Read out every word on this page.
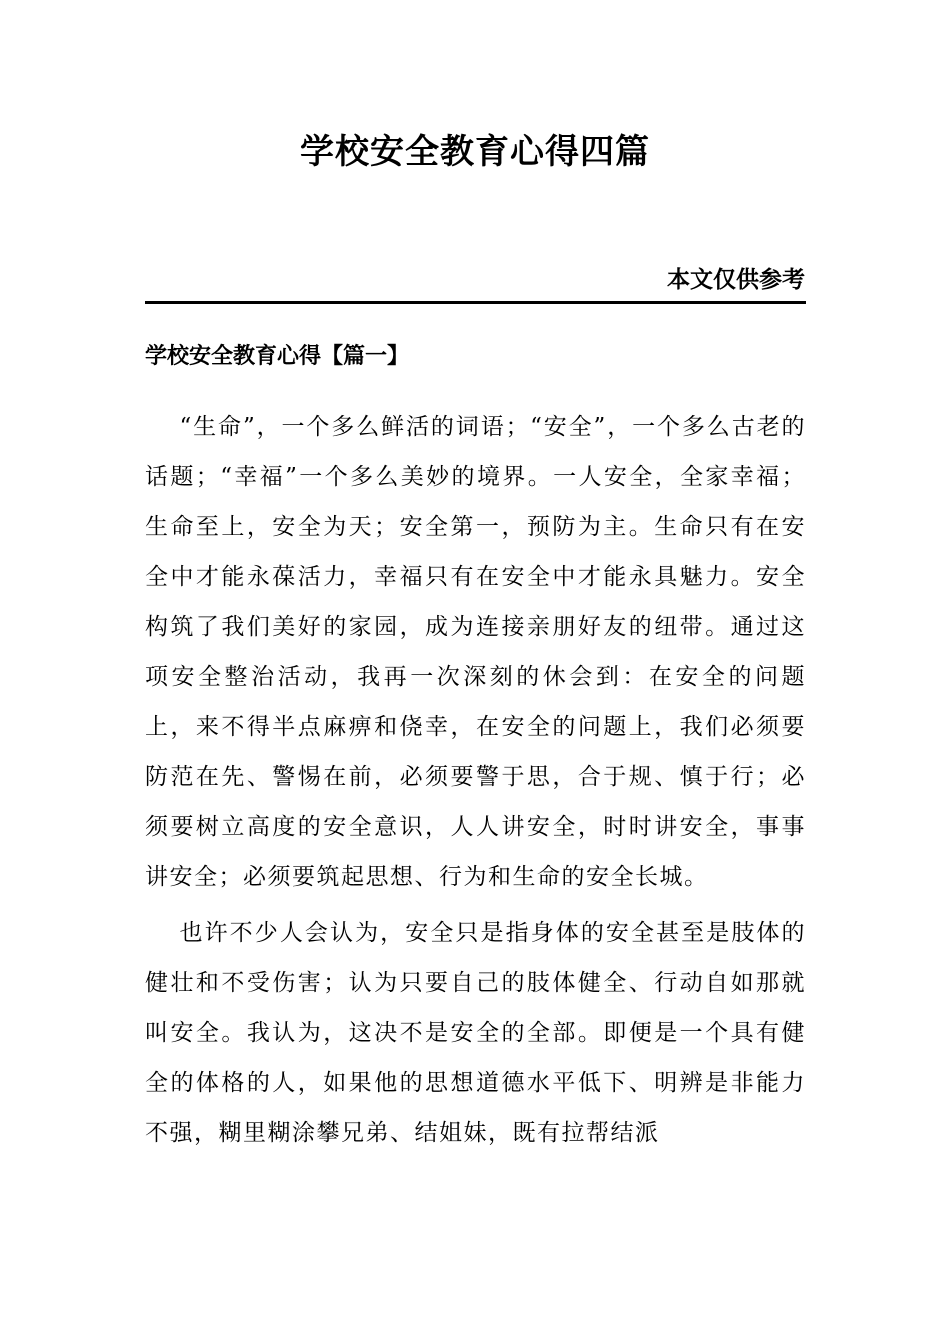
学校安全教育心得四篇
本文仅供参考
学校安全教育心得【篇一】

“生命”，一个多么鲜活的词语；“安全”，一个多么古老的话题；“幸福”一个多么美妙的境界。一人安全，全家幸福；生命至上，安全为天；安全第一，预防为主。生命只有在安全中才能永葆活力，幸福只有在安全中才能永具魅力。安全构筑了我们美好的家园，成为连接亲朋好友的纽带。通过这项安全整治活动，我再一次深刻的休会到：在安全的问题上，来不得半点麻痹和侥幸，在安全的问题上，我们必须要防范在先、警惕在前，必须要警于思，合于规、慎于行；必须要树立高度的安全意识，人人讲安全，时时讲安全，事事讲安全；必须要筑起思想、行为和生命的安全长城。

也许不少人会认为，安全只是指身体的安全甚至是肢体的健壮和不受伤害；认为只要自己的肢体健全、行动自如那就叫安全。我认为，这决不是安全的全部。即便是一个具有健全的体格的人，如果他的思想道德水平低下、明辨是非能力不强，糊里糊涂攀兄弟、结姐妹，既有拉帮结派
